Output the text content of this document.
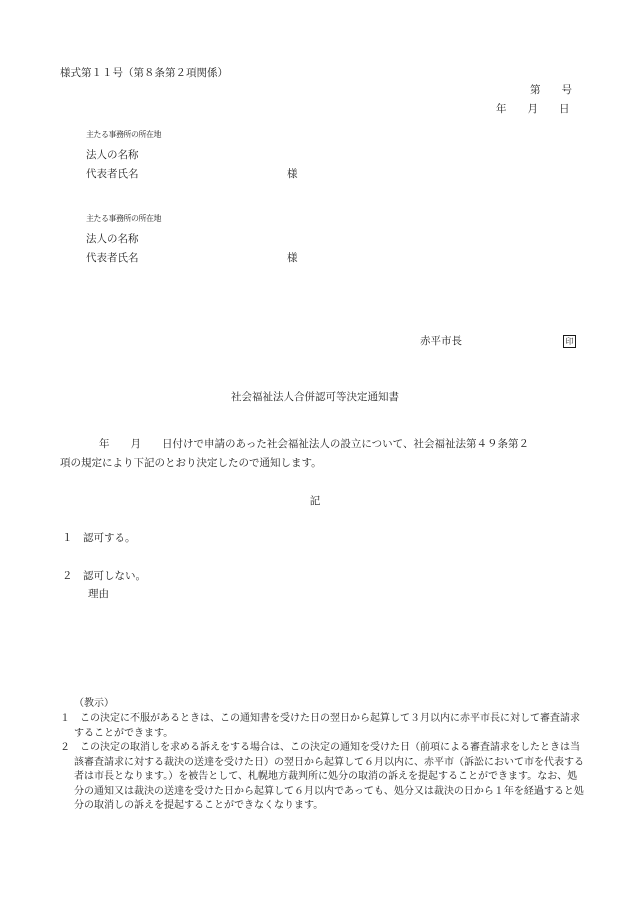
様式第１１号（第８条第２項関係）
第　　号
年　　月　　日
主たる事務所の所在地
法人の名称
代表者氏名	様
主たる事務所の所在地
法人の名称
代表者氏名	様
赤平市長	印
社会福祉法人合併認可等決定通知書
年　　月　　日付けで申請のあった社会福祉法人の設立について、社会福祉法第４９条第２
項の規定により下記のとおり決定したので通知します。
記
１　認可する。
２　認可しない。
理由
（教示）
１ この決定に不服があるときは、この通知書を受けた日の翌日から起算して３月以内に赤平市長に対して審査請求することができます。
２ この決定の取消しを求める訴えをする場合は、この決定の通知を受けた日（前項による審査請求をしたときは当該審査請求に対する裁決の送達を受けた日）の翌日から起算して６月以内に、赤平市（訴訟において市を代表する者は市長となります。）を被告として、札幌地方裁判所に処分の取消の訴えを提起することができます。なお、処分の通知又は裁決の送達を受けた日から起算して６月以内であっても、処分又は裁決の日から１年を経過すると処分の取消しの訴えを提起することができなくなります。
